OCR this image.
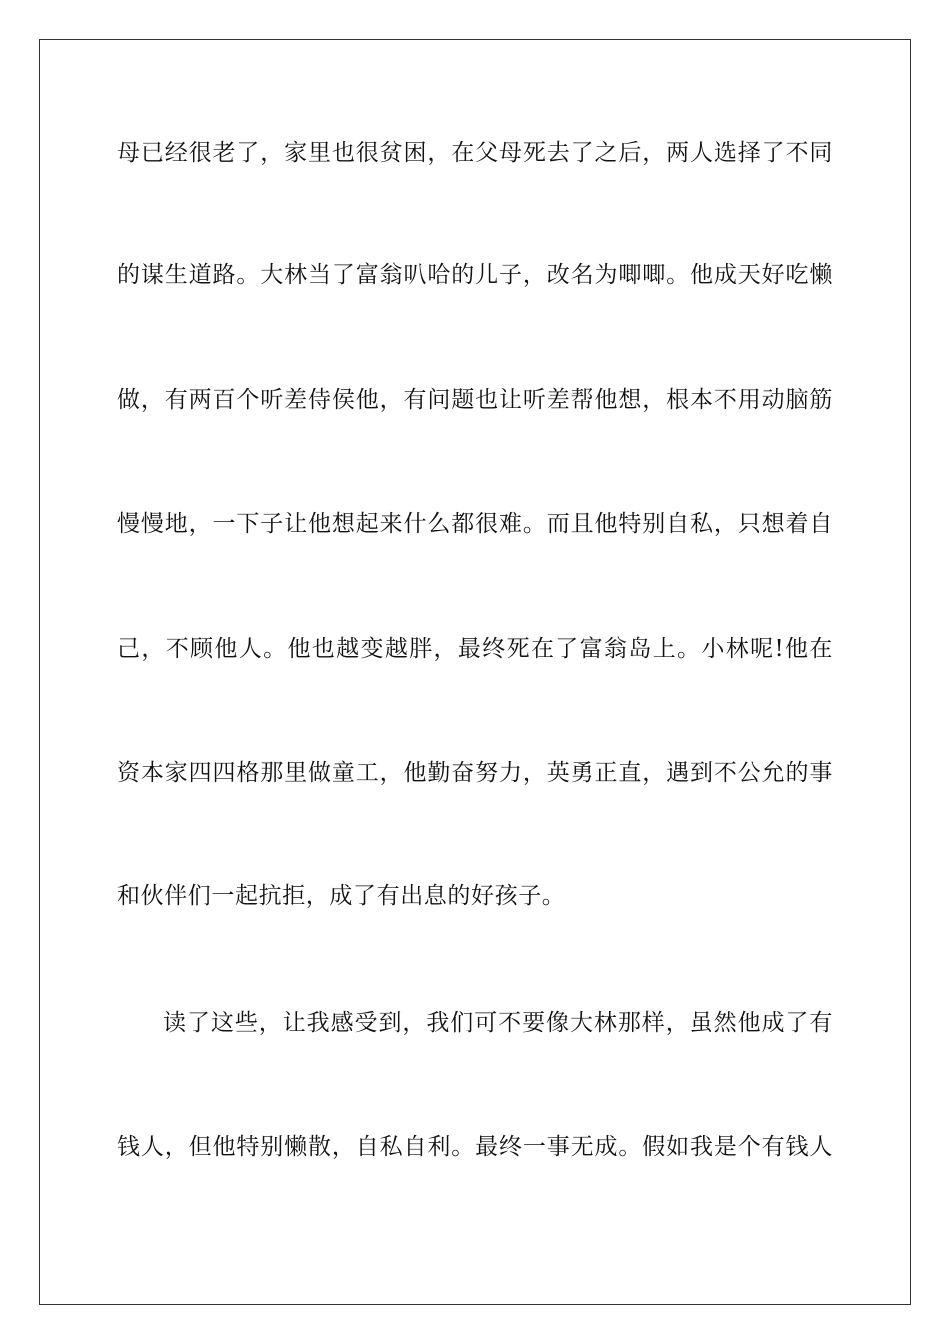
母已经很老了，家里也很贫困，在父母死去了之后，两人选择了不同
的谋生道路。大林当了富翁叭哈的儿子，改名为唧唧。他成天好吃懒
做，有两百个听差侍侯他，有问题也让听差帮他想，根本不用动脑筋
慢慢地，一下子让他想起来什么都很难。而且他特别自私，只想着自
己，不顾他人。他也越变越胖，最终死在了富翁岛上。小林呢!他在
资本家四四格那里做童工，他勤奋努力，英勇正直，遇到不公允的事
和伙伴们一起抗拒，成了有出息的好孩子。
读了这些，让我感受到，我们可不要像大林那样，虽然他成了有
钱人，但他特别懒散，自私自利。最终一事无成。假如我是个有钱人
